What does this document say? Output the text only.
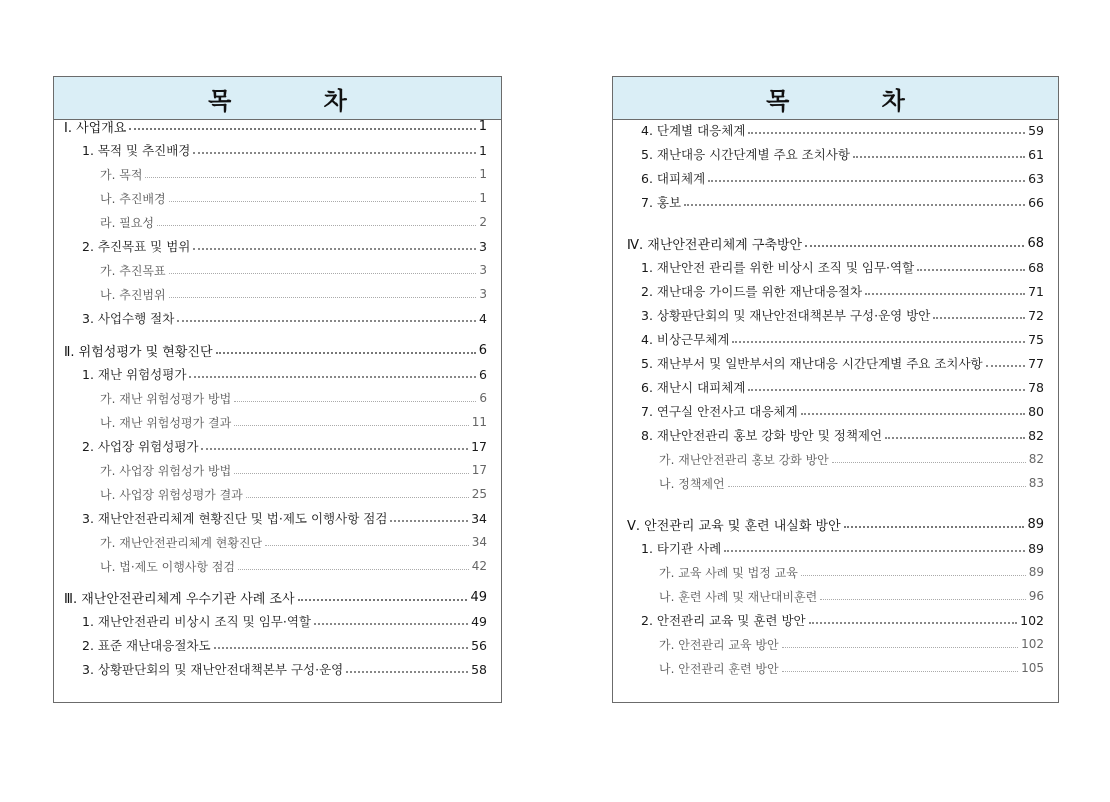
목 차
Ⅰ. 사업개요	1
1. 목적 및 추진배경	1
가. 목적	1
나. 추진배경	1
라. 필요성	2
2. 추진목표 및 범위	3
가. 추진목표	3
나. 추진범위	3
3. 사업수행 절차	4
Ⅱ. 위험성평가 및 현황진단	6
1. 재난 위험성평가	6
가. 재난 위험성평가 방법	6
나. 재난 위험성평가 결과	11
2. 사업장 위험성평가	17
가. 사업장 위험성가 방법	17
나. 사업장 위험성평가 결과	25
3. 재난안전관리체계 현황진단 및 법·제도 이행사항 점검	34
가. 재난안전관리체계 현황진단	34
나. 법·제도 이행사항 점검	42
Ⅲ. 재난안전관리체계 우수기관 사례 조사	49
1. 재난안전관리 비상시 조직 및 임무·역할	49
2. 표준 재난대응절차도	56
3. 상황판단회의 및 재난안전대책본부 구성·운영	58
목 차
4. 단계별 대응체계	59
5. 재난대응 시간단계별 주요 조치사항	61
6. 대피체계	63
7. 홍보	66
Ⅳ. 재난안전관리체계 구축방안	68
1. 재난안전 관리를 위한 비상시 조직 및 임무·역할	68
2. 재난대응 가이드를 위한 재난대응절차	71
3. 상황판단회의 및 재난안전대책본부 구성·운영 방안	72
4. 비상근무체계	75
5. 재난부서 및 일반부서의 재난대응 시간단계별 주요 조치사항	77
6. 재난시 대피체계	78
7. 연구실 안전사고 대응체계	80
8. 재난안전관리 홍보 강화 방안 및 정책제언	82
가. 재난안전관리 홍보 강화 방안	82
나. 정책제언	83
Ⅴ. 안전관리 교육 및 훈련 내실화 방안	89
1. 타기관 사례	89
가. 교육 사례 및 법정 교육	89
나. 훈련 사례 및 재난대비훈련	96
2. 안전관리 교육 및 훈련 방안	102
가. 안전관리 교육 방안	102
나. 안전관리 훈련 방안	105
